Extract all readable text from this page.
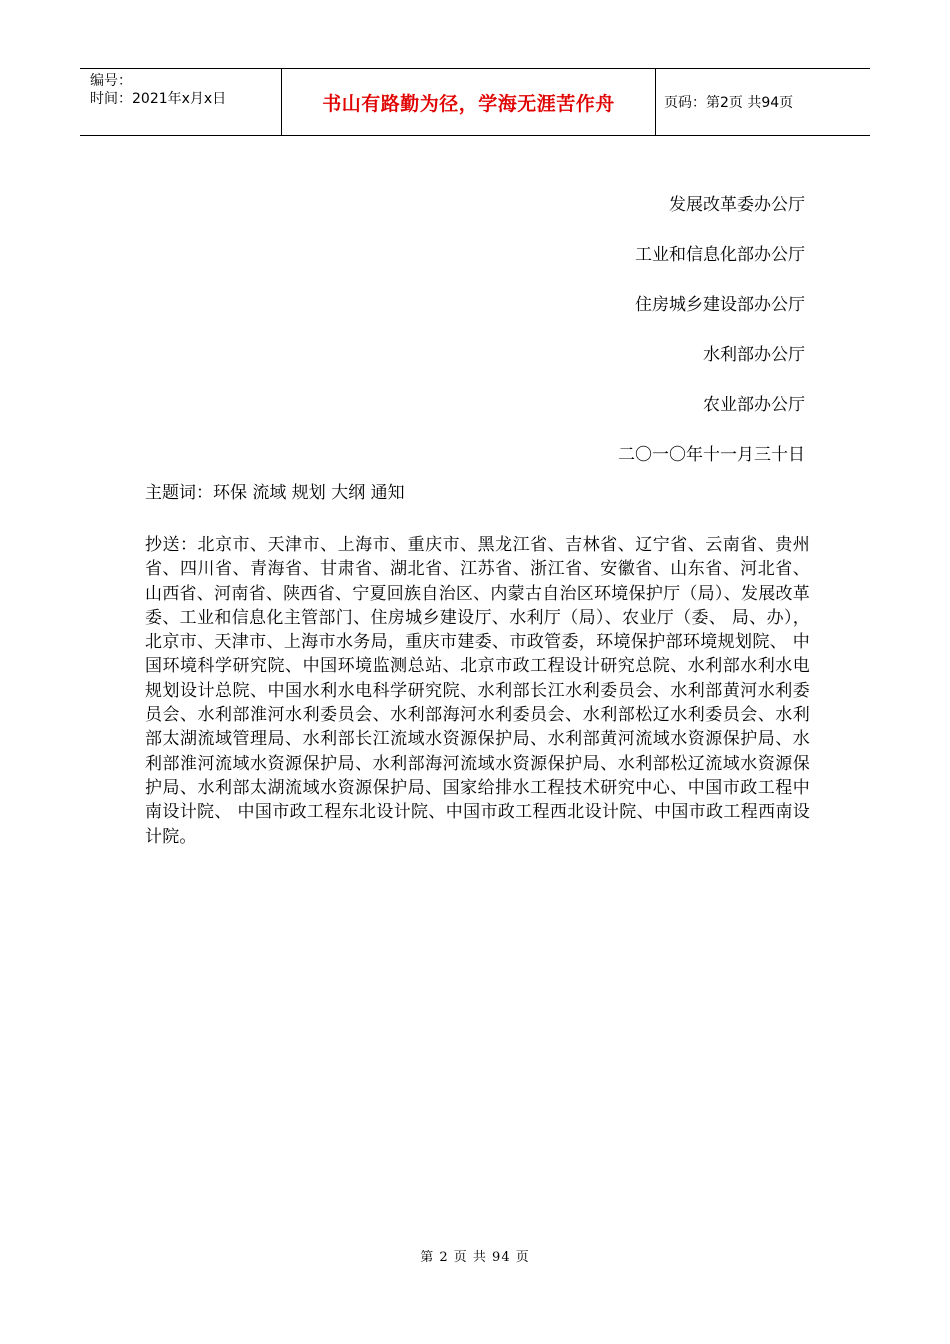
编号：
时间：2021年x月x日	书山有路勤为径，学海无涯苦作舟	页码：第2页 共94页
发展改革委办公厅
工业和信息化部办公厅
住房城乡建设部办公厅
水利部办公厅
农业部办公厅
二〇一〇年十一月三十日
主题词：环保 流域 规划 大纲 通知
抄送：北京市、天津市、上海市、重庆市、黑龙江省、吉林省、辽宁省、云南省、贵州省、四川省、青海省、甘肃省、湖北省、江苏省、浙江省、安徽省、山东省、河北省、山西省、河南省、陕西省、宁夏回族自治区、内蒙古自治区环境保护厅（局）、发展改革委、工业和信息化主管部门、住房城乡建设厅、水利厅（局）、农业厅（委、 局、办），北京市、天津市、上海市水务局，重庆市建委、市政管委，环境保护部环境规划院、 中国环境科学研究院、中国环境监测总站、北京市政工程设计研究总院、水利部水利水电规划设计总院、中国水利水电科学研究院、水利部长江水利委员会、水利部黄河水利委员会、水利部淮河水利委员会、水利部海河水利委员会、水利部松辽水利委员会、水利部太湖流域管理局、水利部长江流域水资源保护局、水利部黄河流域水资源保护局、水利部淮河流域水资源保护局、水利部海河流域水资源保护局、水利部松辽流域水资源保护局、水利部太湖流域水资源保护局、国家给排水工程技术研究中心、中国市政工程中南设计院、 中国市政工程东北设计院、中国市政工程西北设计院、中国市政工程西南设计院。
第 2 页 共 94 页
